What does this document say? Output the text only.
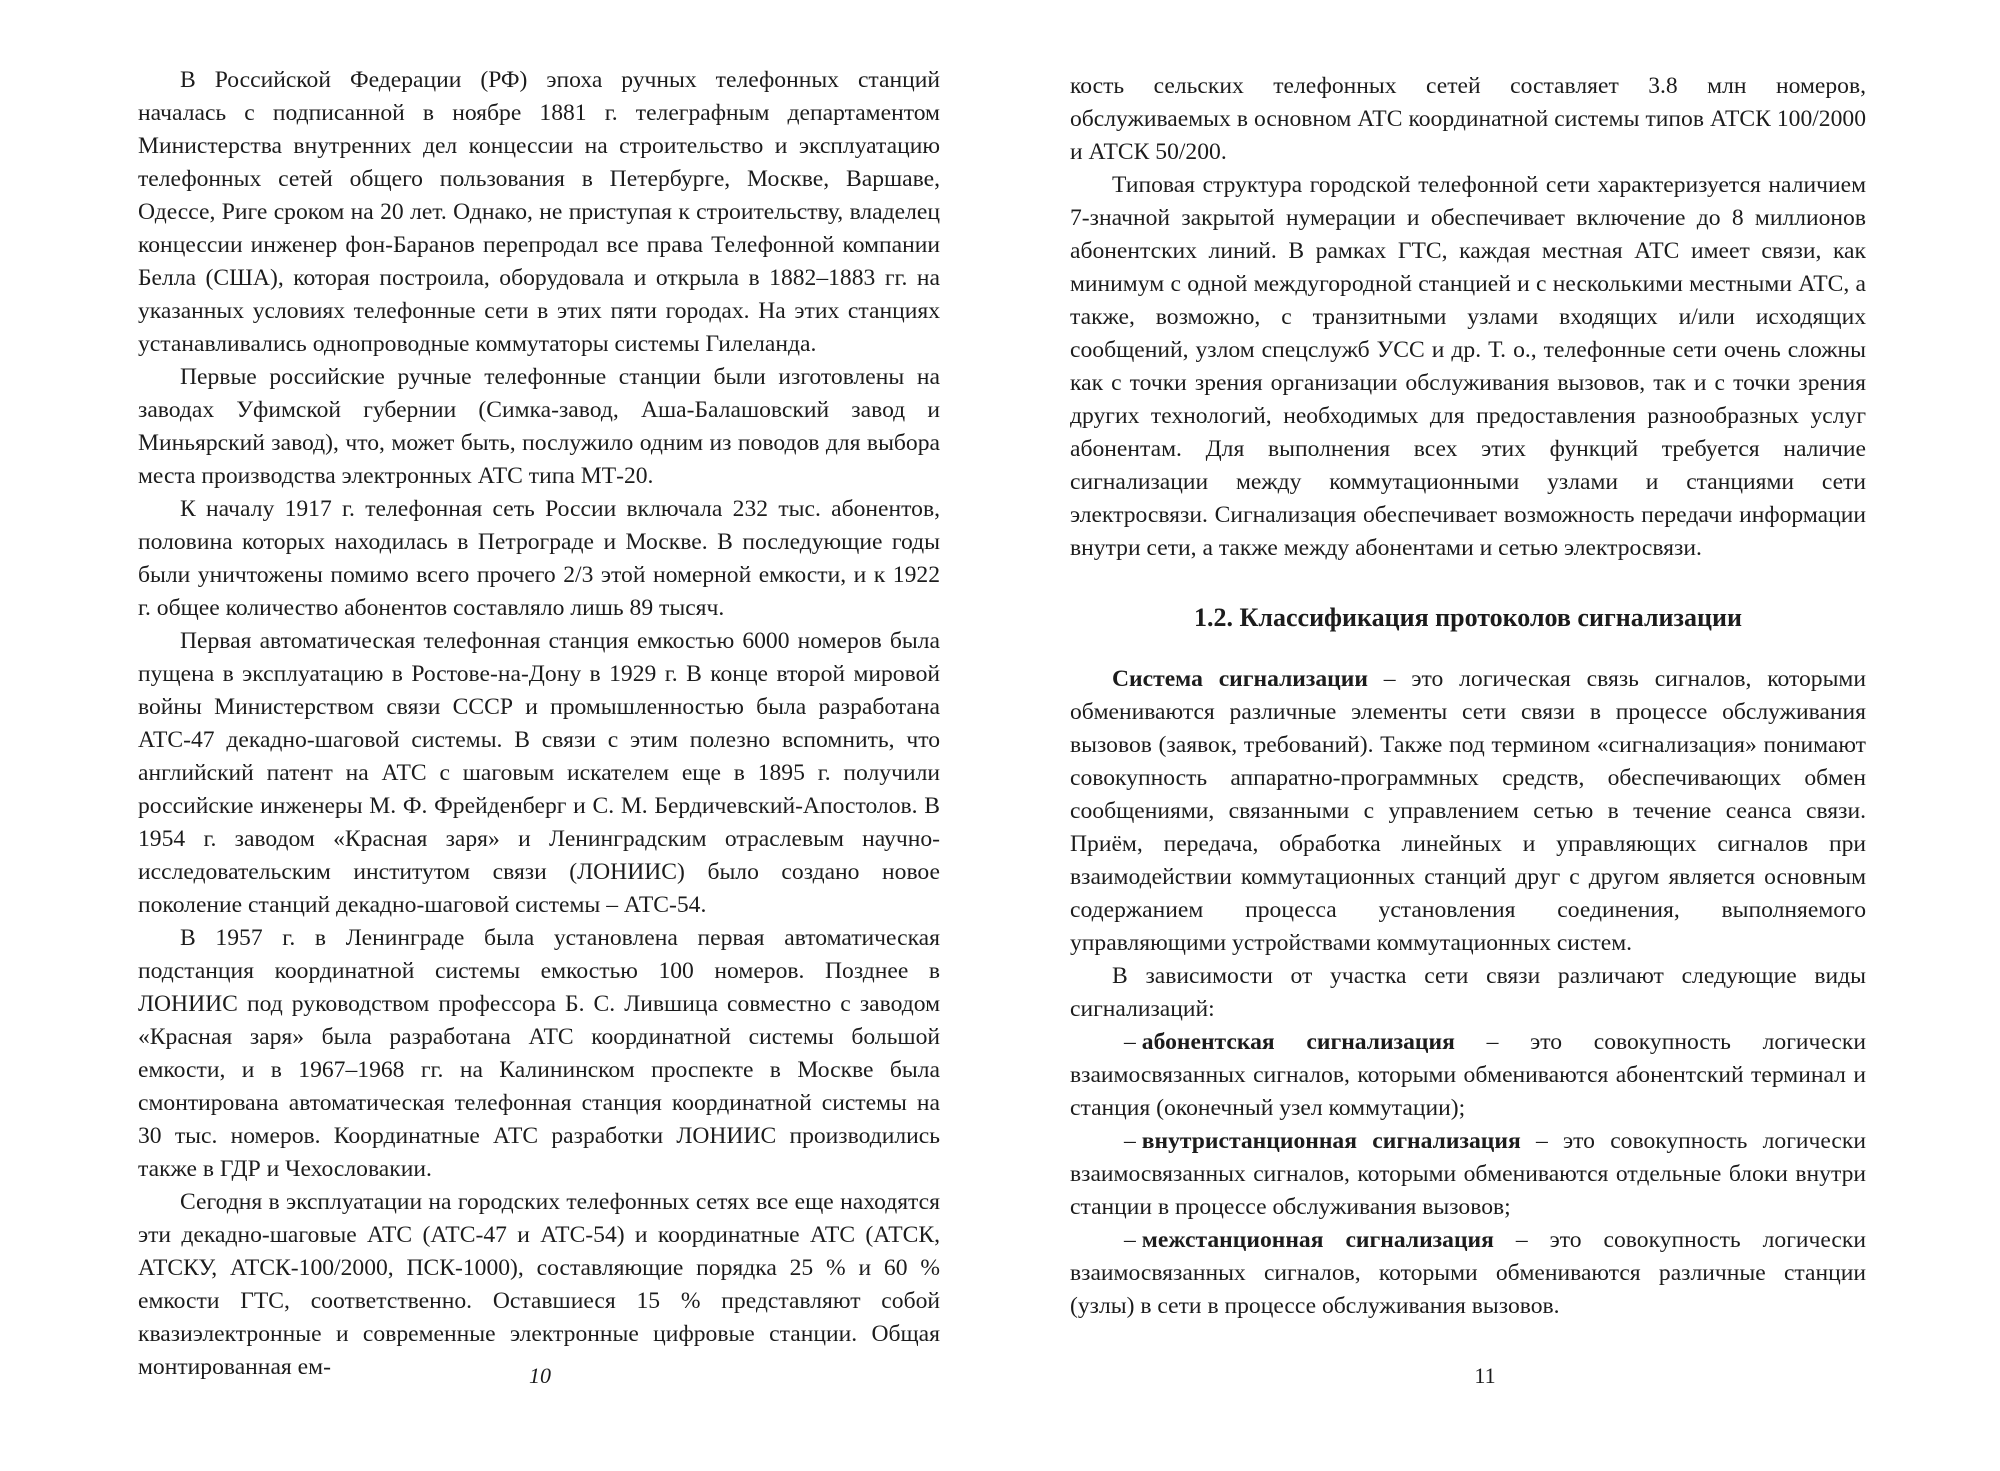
В Российской Федерации (РФ) эпоха ручных телефонных станций началась с подписанной в ноябре 1881 г. телеграфным департаментом Министерства внутренних дел концессии на строительство и эксплуатацию телефонных сетей общего пользования в Петербурге, Москве, Варшаве, Одессе, Риге сроком на 20 лет. Однако, не приступая к строительству, владелец концессии инженер фон-Баранов перепродал все права Телефонной компании Белла (США), которая построила, оборудовала и открыла в 1882–1883 гг. на указанных условиях телефонные сети в этих пяти городах. На этих станциях устанавливались однопроводные коммутаторы системы Гилеланда.

Первые российские ручные телефонные станции были изготовлены на заводах Уфимской губернии (Симка-завод, Аша-Балашовский завод и Миньярский завод), что, может быть, послужило одним из поводов для выбора места производства электронных АТС типа МТ-20.

К началу 1917 г. телефонная сеть России включала 232 тыс. абонентов, половина которых находилась в Петрограде и Москве. В последующие годы были уничтожены помимо всего прочего 2/3 этой номерной емкости, и к 1922 г. общее количество абонентов составляло лишь 89 тысяч.

Первая автоматическая телефонная станция емкостью 6000 номеров была пущена в эксплуатацию в Ростове-на-Дону в 1929 г. В конце второй мировой войны Министерством связи СССР и промышленностью была разработана АТС-47 декадно-шаговой системы. В связи с этим полезно вспомнить, что английский патент на АТС с шаговым искателем еще в 1895 г. получили российские инженеры М. Ф. Фрейденберг и С. М. Бердичевский-Апостолов. В 1954 г. заводом «Красная заря» и Ленинградским отраслевым научно-исследовательским институтом связи (ЛОНИИС) было создано новое поколение станций декадно-шаговой системы – АТС-54.

В 1957 г. в Ленинграде была установлена первая автоматическая подстанция координатной системы емкостью 100 номеров. Позднее в ЛОНИИС под руководством профессора Б. С. Лившица совместно с заводом «Красная заря» была разработана АТС координатной системы большой емкости, и в 1967–1968 гг. на Калининском проспекте в Москве была смонтирована автоматическая телефонная станция координатной системы на 30 тыс. номеров. Координатные АТС разработки ЛОНИИС производились также в ГДР и Чехословакии.

Сегодня в эксплуатации на городских телефонных сетях все еще находятся эти декадно-шаговые АТС (АТС-47 и АТС-54) и координатные АТС (АТСК, АТСКУ, АТСК-100/2000, ПСК-1000), составляющие порядка 25 % и 60 % емкости ГТС, соответственно. Оставшиеся 15 % представляют собой квазиэлектронные и современные электронные цифровые станции. Общая монтированная ем-	10

кость сельских телефонных сетей составляет 3.8 млн номеров, обслуживаемых в основном АТС координатной системы типов АТСК 100/2000 и АТСК 50/200.

Типовая структура городской телефонной сети характеризуется наличием 7-значной закрытой нумерации и обеспечивает включение до 8 миллионов абонентских линий. В рамках ГТС, каждая местная АТС имеет связи, как минимум с одной междугородной станцией и с несколькими местными АТС, а также, возможно, с транзитными узлами входящих и/или исходящих сообщений, узлом спецслужб УСС и др. Т. о., телефонные сети очень сложны как с точки зрения организации обслуживания вызовов, так и с точки зрения других технологий, необходимых для предоставления разнообразных услуг абонентам. Для выполнения всех этих функций требуется наличие сигнализации между коммутационными узлами и станциями сети электросвязи. Сигнализация обеспечивает возможность передачи информации внутри сети, а также между абонентами и сетью электросвязи.

1.2. Классификация протоколов сигнализации

Система сигнализации – это логическая связь сигналов, которыми обмениваются различные элементы сети связи в процессе обслуживания вызовов (заявок, требований). Также под термином «сигнализация» понимают совокупность аппаратно-программных средств, обеспечивающих обмен сообщениями, связанными с управлением сетью в течение сеанса связи. Приём, передача, обработка линейных и управляющих сигналов при взаимодействии коммутационных станций друг с другом является основным содержанием процесса установления соединения, выполняемого управляющими устройствами коммутационных систем.

В зависимости от участка сети связи различают следующие виды сигнализаций:

– абонентская сигнализация – это совокупность логически взаимосвязанных сигналов, которыми обмениваются абонентский терминал и станция (оконечный узел коммутации);

– внутристанционная сигнализация – это совокупность логически взаимосвязанных сигналов, которыми обмениваются отдельные блоки внутри станции в процессе обслуживания вызовов;

– межстанционная сигнализация – это совокупность логически взаимосвязанных сигналов, которыми обмениваются различные станции (узлы) в сети в процессе обслуживания вызовов.

11
